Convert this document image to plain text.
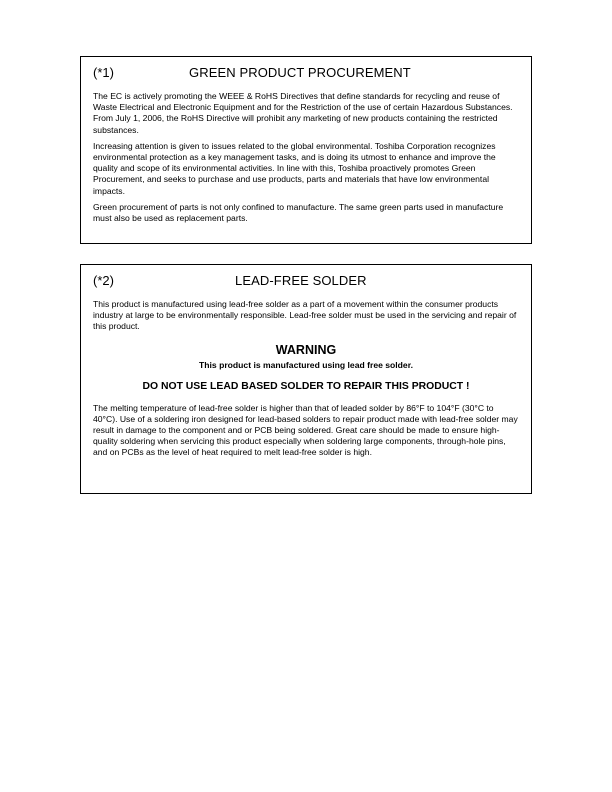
(*1)	GREEN PRODUCT PROCUREMENT

The EC is actively promoting the WEEE & RoHS Directives that define standards for recycling and reuse of Waste Electrical and Electronic Equipment and for the Restriction of the use of certain Hazardous Substances. From July 1, 2006, the RoHS Directive will prohibit any marketing of new products containing the restricted substances.

Increasing attention is given to issues related to the global environmental. Toshiba Corporation recognizes environmental protection as a key management tasks, and is doing its utmost to enhance and improve the quality and scope of its environmental activities. In line with this, Toshiba proactively promotes Green Procurement, and seeks to purchase and use products, parts and materials that have low environmental impacts.

Green procurement of parts is not only confined to manufacture. The same green parts used in manufacture must also be used as replacement parts.

(*2)	LEAD-FREE SOLDER

This product is manufactured using lead-free solder as a part of a movement within the consumer products industry at large to be environmentally responsible. Lead-free solder must be used in the servicing and repair of this product.

WARNING
This product is manufactured using lead free solder.
DO NOT USE LEAD BASED SOLDER TO REPAIR THIS PRODUCT !

The melting temperature of lead-free solder is higher than that of leaded solder by 86°F to 104°F (30°C to 40°C). Use of a soldering iron designed for lead-based solders to repair product made with lead-free solder may result in damage to the component and or PCB being soldered. Great care should be made to ensure high-quality soldering when servicing this product especially when soldering large components, through-hole pins, and on PCBs as the level of heat required to melt lead-free solder is high.
